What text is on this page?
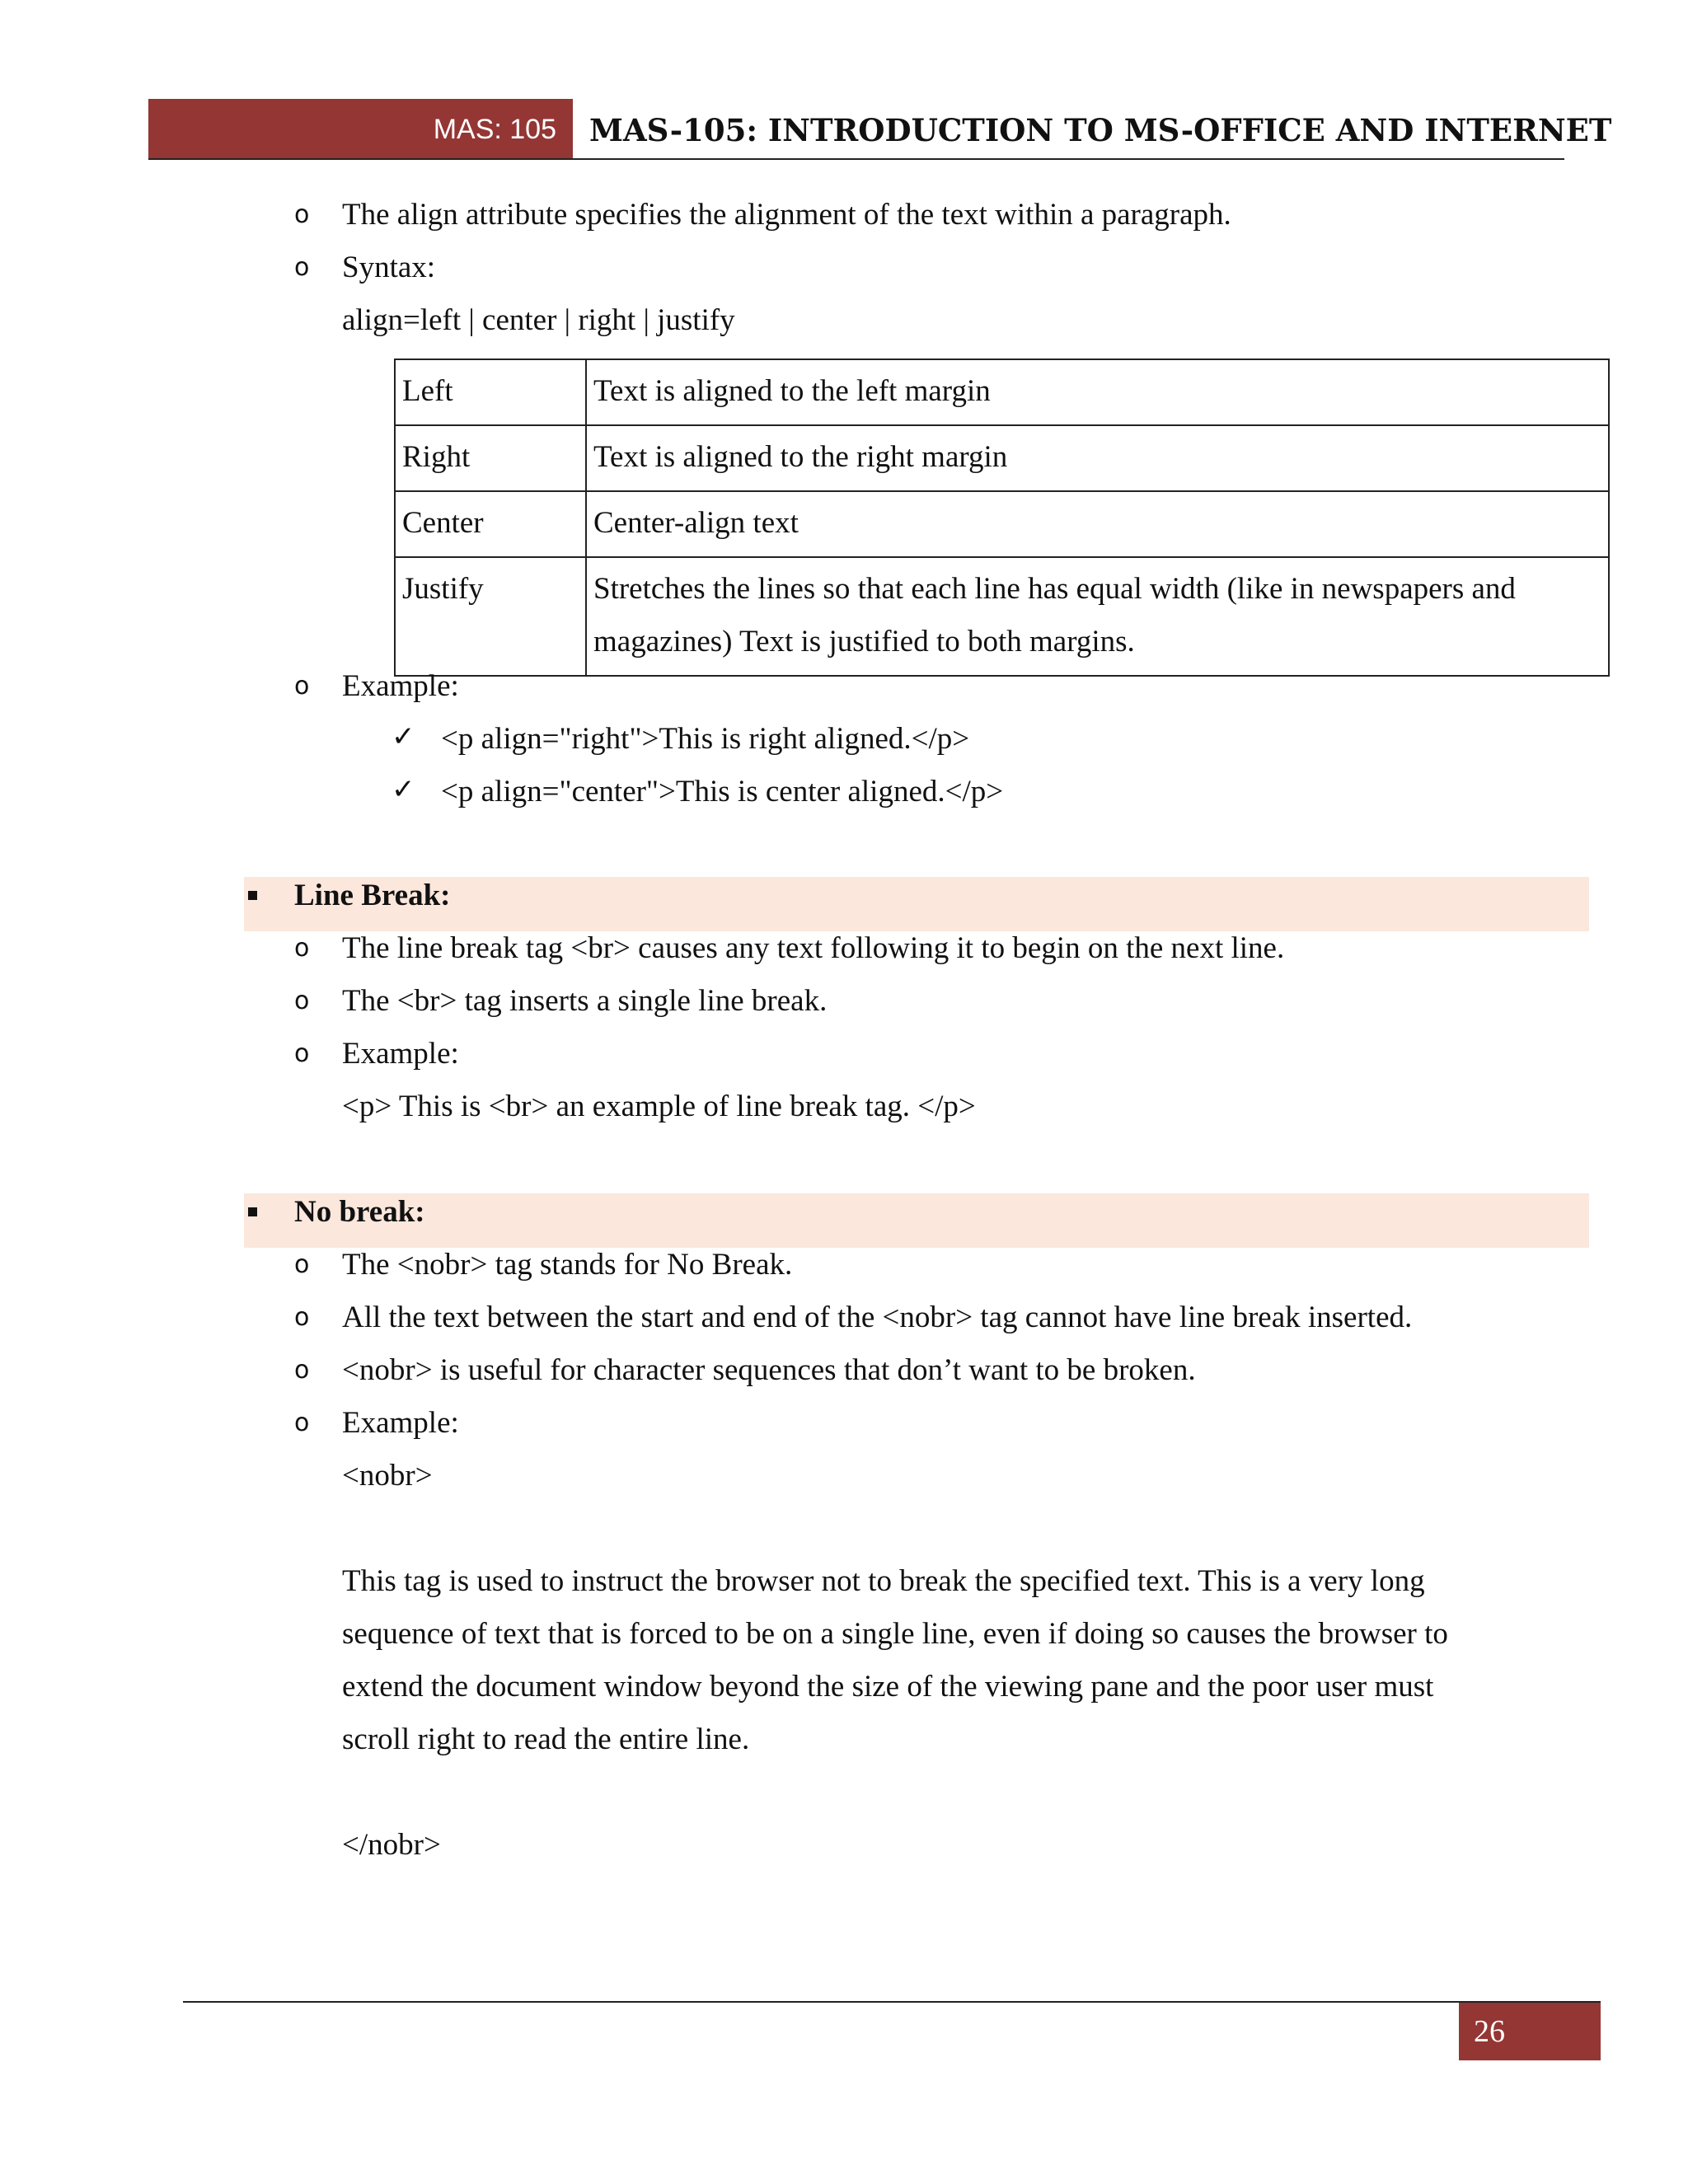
MAS: 105	MAS-105: INTRODUCTION TO MS-OFFICE AND INTERNET
o The align attribute specifies the alignment of the text within a paragraph.
o Syntax:
align=left | center | right | justify
Left	Text is aligned to the left margin
Right	Text is aligned to the right margin
Center	Center-align text
Justify	Stretches the lines so that each line has equal width (like in newspapers and
magazines) Text is justified to both margins.
o Example:
✓ <p align="right">This is right aligned.</p>
✓ <p align="center">This is center aligned.</p>
Line Break:
o The line break tag <br> causes any text following it to begin on the next line.
o The <br> tag inserts a single line break.
o Example:
<p> This is <br> an example of line break tag. </p>
No break:
o The <nobr> tag stands for No Break.
o All the text between the start and end of the <nobr> tag cannot have line break inserted.
o <nobr> is useful for character sequences that don’t want to be broken.
o Example:
<nobr>
This tag is used to instruct the browser not to break the specified text. This is a very long
sequence of text that is forced to be on a single line, even if doing so causes the browser to
extend the document window beyond the size of the viewing pane and the poor user must
scroll right to read the entire line.
</nobr>
26
